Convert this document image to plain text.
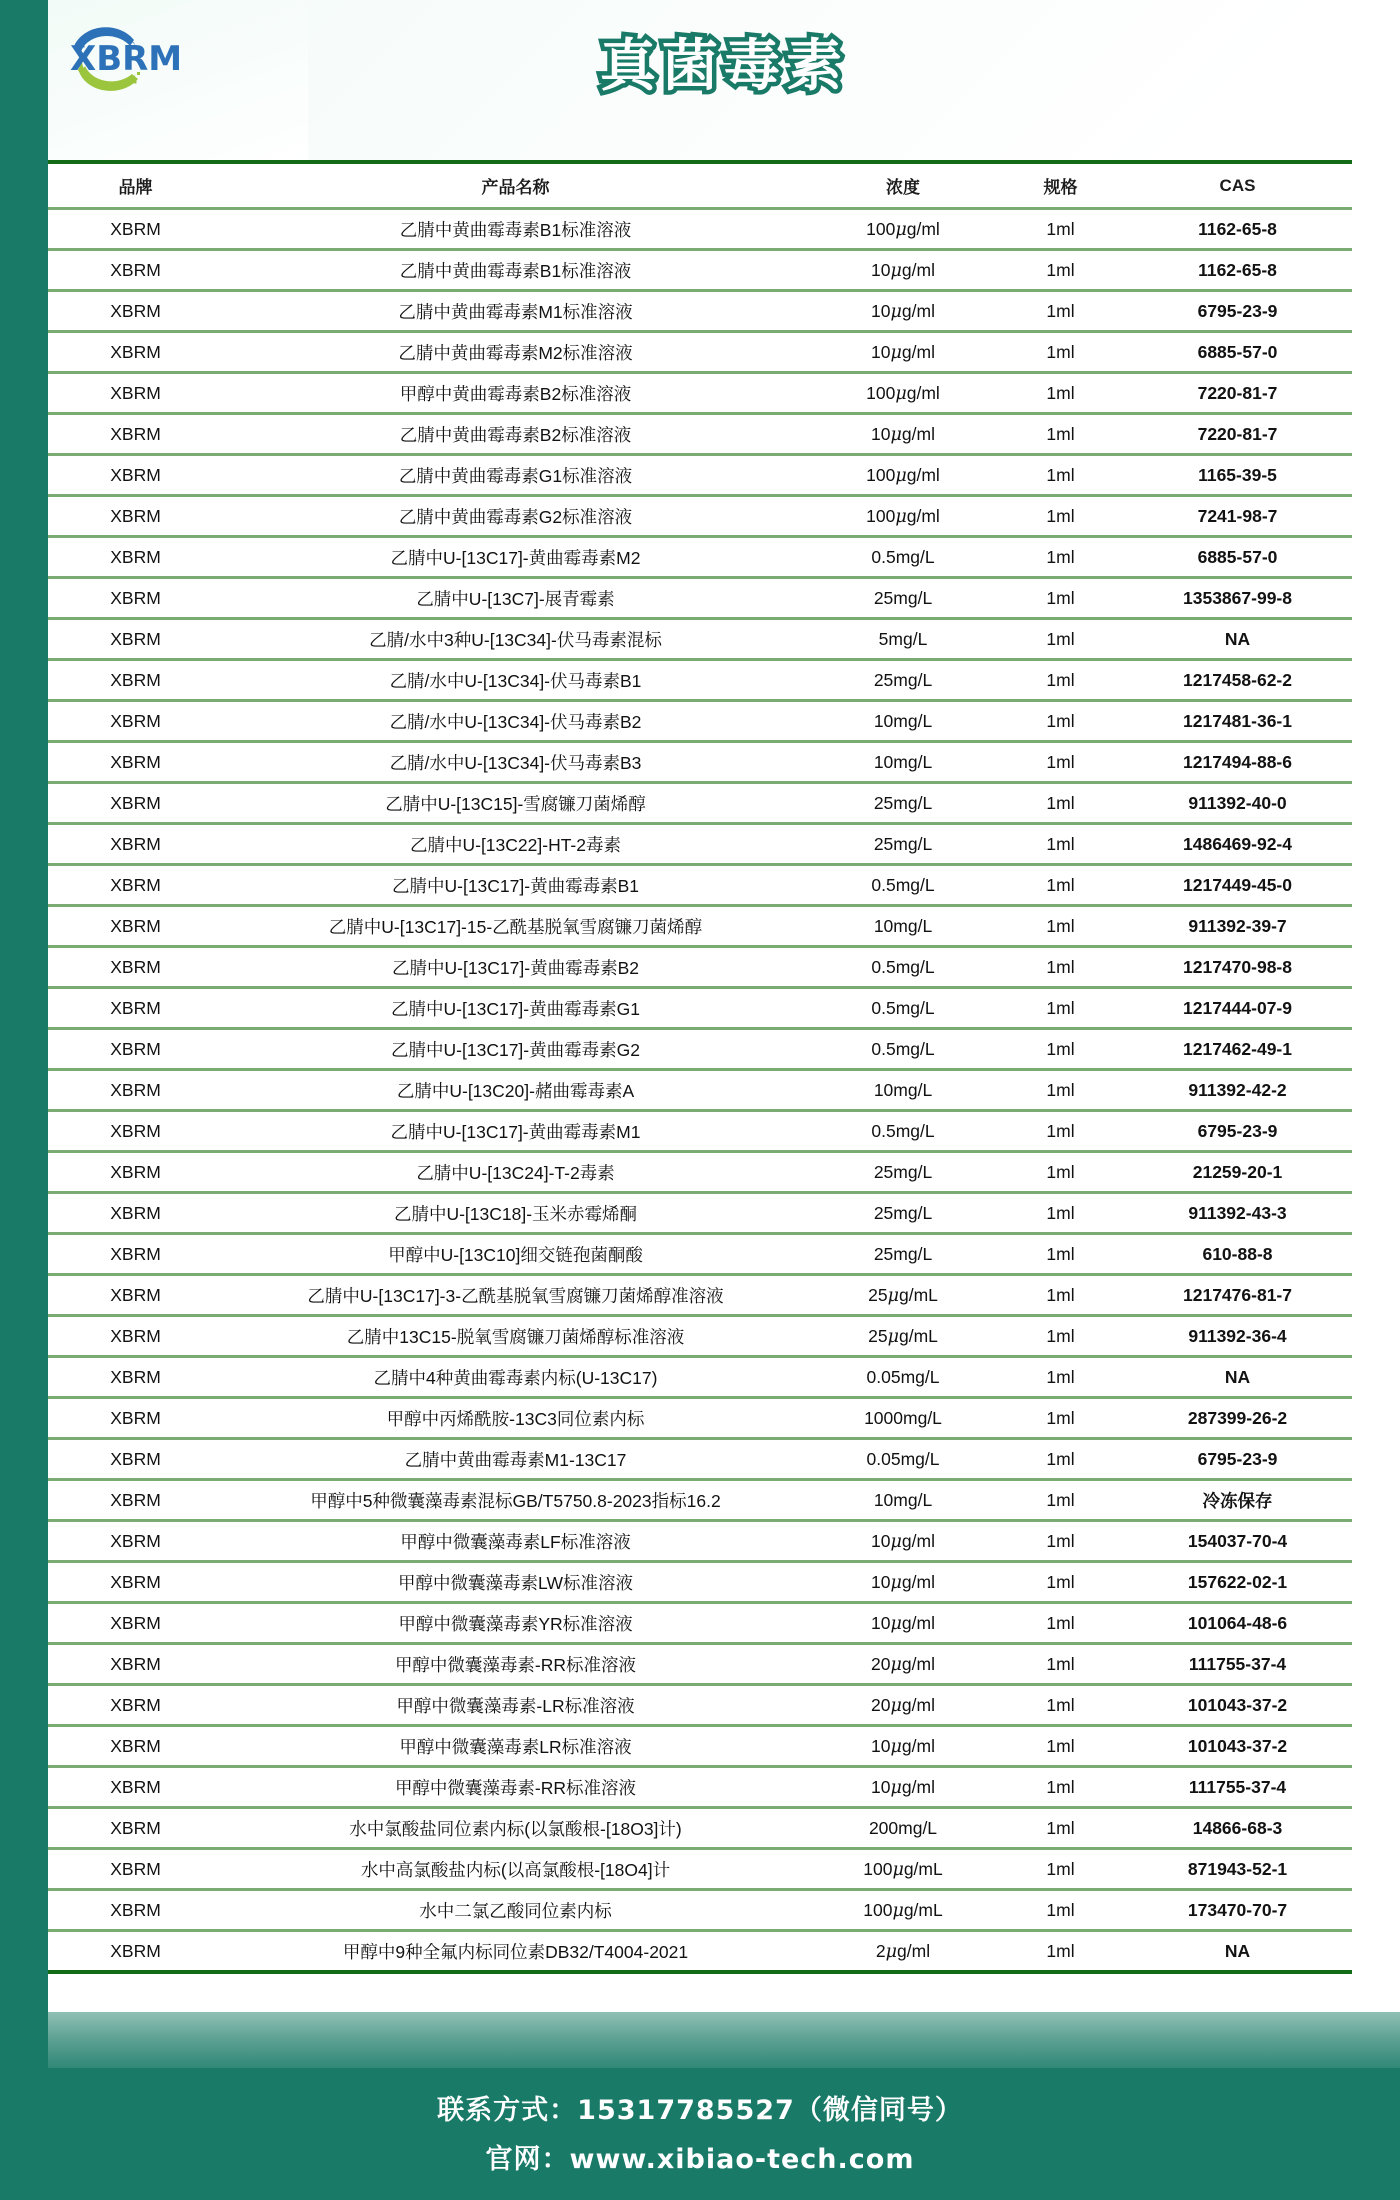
XBRM	真菌毒素
品牌	产品名称	浓度	规格	CAS
XBRM	乙腈中黄曲霉毒素B1标准溶液	100μg/ml	1ml	1162-65-8
XBRM	乙腈中黄曲霉毒素B1标准溶液	10μg/ml	1ml	1162-65-8
XBRM	乙腈中黄曲霉毒素M1标准溶液	10μg/ml	1ml	6795-23-9
XBRM	乙腈中黄曲霉毒素M2标准溶液	10μg/ml	1ml	6885-57-0
XBRM	甲醇中黄曲霉毒素B2标准溶液	100μg/ml	1ml	7220-81-7
XBRM	乙腈中黄曲霉毒素B2标准溶液	10μg/ml	1ml	7220-81-7
XBRM	乙腈中黄曲霉毒素G1标准溶液	100μg/ml	1ml	1165-39-5
XBRM	乙腈中黄曲霉毒素G2标准溶液	100μg/ml	1ml	7241-98-7
XBRM	乙腈中U-[13C17]-黄曲霉毒素M2	0.5mg/L	1ml	6885-57-0
XBRM	乙腈中U-[13C7]-展青霉素	25mg/L	1ml	1353867-99-8
XBRM	乙腈/水中3种U-[13C34]-伏马毒素混标	5mg/L	1ml	NA
XBRM	乙腈/水中U-[13C34]-伏马毒素B1	25mg/L	1ml	1217458-62-2
XBRM	乙腈/水中U-[13C34]-伏马毒素B2	10mg/L	1ml	1217481-36-1
XBRM	乙腈/水中U-[13C34]-伏马毒素B3	10mg/L	1ml	1217494-88-6
XBRM	乙腈中U-[13C15]-雪腐镰刀菌烯醇	25mg/L	1ml	911392-40-0
XBRM	乙腈中U-[13C22]-HT-2毒素	25mg/L	1ml	1486469-92-4
XBRM	乙腈中U-[13C17]-黄曲霉毒素B1	0.5mg/L	1ml	1217449-45-0
XBRM	乙腈中U-[13C17]-15-乙酰基脱氧雪腐镰刀菌烯醇	10mg/L	1ml	911392-39-7
XBRM	乙腈中U-[13C17]-黄曲霉毒素B2	0.5mg/L	1ml	1217470-98-8
XBRM	乙腈中U-[13C17]-黄曲霉毒素G1	0.5mg/L	1ml	1217444-07-9
XBRM	乙腈中U-[13C17]-黄曲霉毒素G2	0.5mg/L	1ml	1217462-49-1
XBRM	乙腈中U-[13C20]-赭曲霉毒素A	10mg/L	1ml	911392-42-2
XBRM	乙腈中U-[13C17]-黄曲霉毒素M1	0.5mg/L	1ml	6795-23-9
XBRM	乙腈中U-[13C24]-T-2毒素	25mg/L	1ml	21259-20-1
XBRM	乙腈中U-[13C18]-玉米赤霉烯酮	25mg/L	1ml	911392-43-3
XBRM	甲醇中U-[13C10]细交链孢菌酮酸	25mg/L	1ml	610-88-8
XBRM	乙腈中U-[13C17]-3-乙酰基脱氧雪腐镰刀菌烯醇准溶液	25μg/mL	1ml	1217476-81-7
XBRM	乙腈中13C15-脱氧雪腐镰刀菌烯醇标准溶液	25μg/mL	1ml	911392-36-4
XBRM	乙腈中4种黄曲霉毒素内标(U-13C17)	0.05mg/L	1ml	NA
XBRM	甲醇中丙烯酰胺-13C3同位素内标	1000mg/L	1ml	287399-26-2
XBRM	乙腈中黄曲霉毒素M1-13C17	0.05mg/L	1ml	6795-23-9
XBRM	甲醇中5种微囊藻毒素混标GB/T5750.8-2023指标16.2	10mg/L	1ml	冷冻保存
XBRM	甲醇中微囊藻毒素LF标准溶液	10μg/ml	1ml	154037-70-4
XBRM	甲醇中微囊藻毒素LW标准溶液	10μg/ml	1ml	157622-02-1
XBRM	甲醇中微囊藻毒素YR标准溶液	10μg/ml	1ml	101064-48-6
XBRM	甲醇中微囊藻毒素-RR标准溶液	20μg/ml	1ml	111755-37-4
XBRM	甲醇中微囊藻毒素-LR标准溶液	20μg/ml	1ml	101043-37-2
XBRM	甲醇中微囊藻毒素LR标准溶液	10μg/ml	1ml	101043-37-2
XBRM	甲醇中微囊藻毒素-RR标准溶液	10μg/ml	1ml	111755-37-4
XBRM	水中氯酸盐同位素内标(以氯酸根-[18O3]计)	200mg/L	1ml	14866-68-3
XBRM	水中高氯酸盐内标(以高氯酸根-[18O4]计	100μg/mL	1ml	871943-52-1
XBRM	水中二氯乙酸同位素内标	100μg/mL	1ml	173470-70-7
XBRM	甲醇中9种全氟内标同位素DB32/T4004-2021	2μg/ml	1ml	NA
联系方式：15317785527（微信同号）
官网：www.xibiao-tech.com
